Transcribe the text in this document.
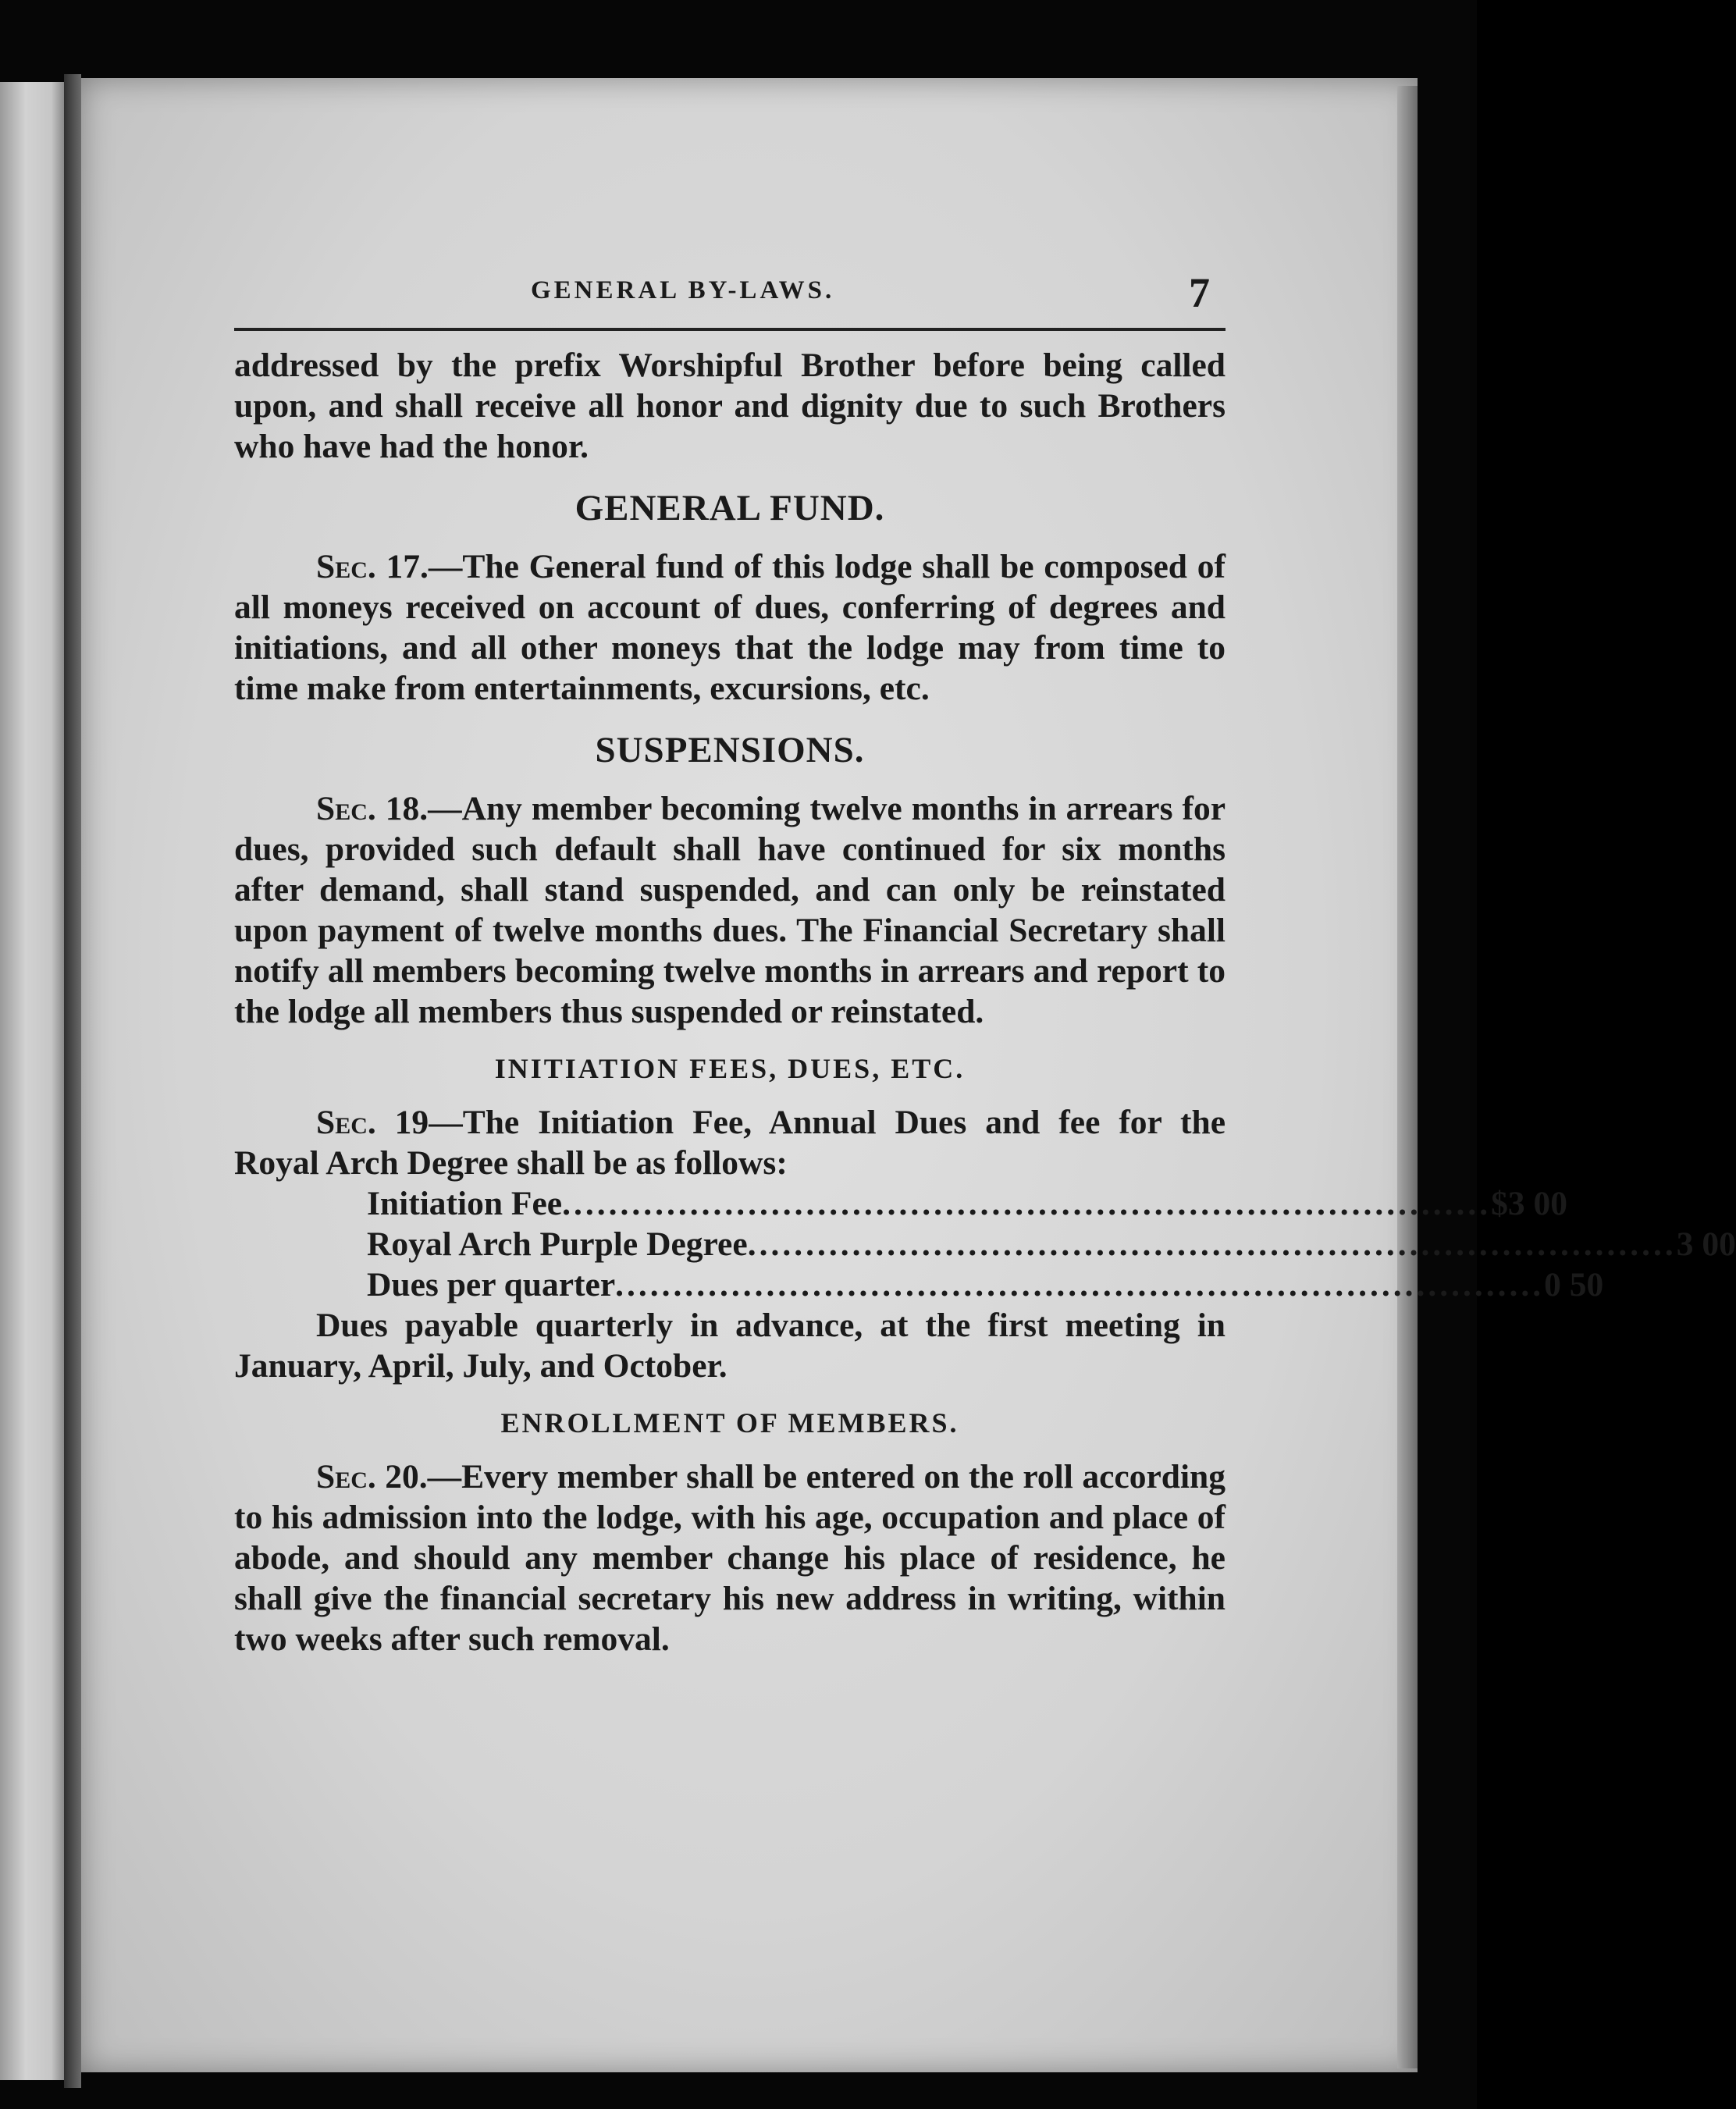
GENERAL BY-LAWS.	7

addressed by the prefix Worshipful Brother before being called upon, and shall receive all honor and dignity due to such Brothers who have had the honor.

GENERAL FUND.

Sec. 17.—The General fund of this lodge shall be composed of all moneys received on account of dues, conferring of degrees and initiations, and all other moneys that the lodge may from time to time make from entertainments, excursions, etc.

SUSPENSIONS.

Sec. 18.—Any member becoming twelve months in arrears for dues, provided such default shall have continued for six months after demand, shall stand suspended, and can only be reinstated upon payment of twelve months dues. The Financial Secretary shall notify all members becoming twelve months in arrears and report to the lodge all members thus suspended or reinstated.

INITIATION FEES, DUES, ETC.

Sec. 19—The Initiation Fee, Annual Dues and fee for the Royal Arch Degree shall be as follows:

Initiation Fee ................................................................................ $3 00
Royal Arch Purple Degree ................................................................................ 3 00
Dues per quarter ................................................................................ 0 50

Dues payable quarterly in advance, at the first meeting in January, April, July, and October.

ENROLLMENT OF MEMBERS.

Sec. 20.—Every member shall be entered on the roll according to his admission into the lodge, with his age, occupation and place of abode, and should any member change his place of residence, he shall give the financial secretary his new address in writing, within two weeks after such removal.
